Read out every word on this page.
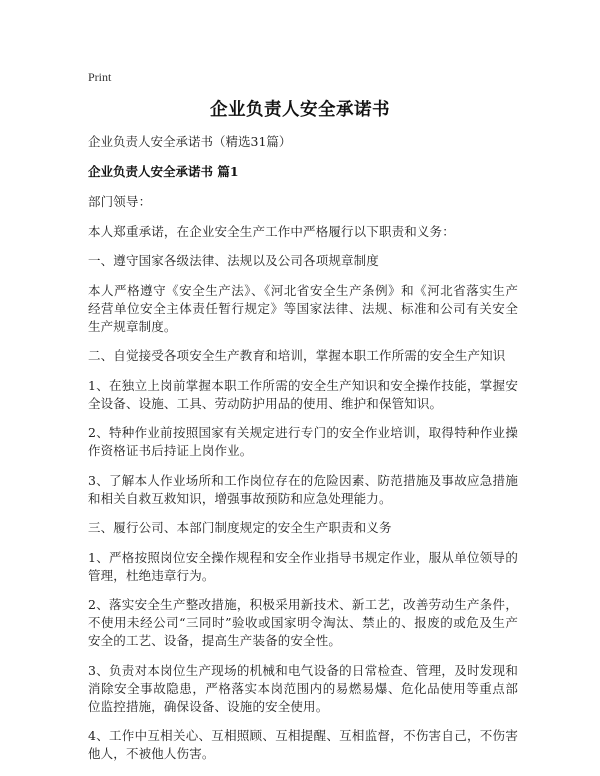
Print
企业负责人安全承诺书

企业负责人安全承诺书（精选31篇）

企业负责人安全承诺书 篇1

部门领导：

本人郑重承诺，在企业安全生产工作中严格履行以下职责和义务：

一、遵守国家各级法律、法规以及公司各项规章制度

本人严格遵守《安全生产法》、《河北省安全生产条例》和《河北省落实生产经营单位安全主体责任暂行规定》等国家法律、法规、标准和公司有关安全生产规章制度。

二、自觉接受各项安全生产教育和培训，掌握本职工作所需的安全生产知识

1、在独立上岗前掌握本职工作所需的安全生产知识和安全操作技能，掌握安全设备、设施、工具、劳动防护用品的使用、维护和保管知识。

2、特种作业前按照国家有关规定进行专门的安全作业培训，取得特种作业操作资格证书后持证上岗作业。

3、了解本人作业场所和工作岗位存在的危险因素、防范措施及事故应急措施和相关自救互救知识，增强事故预防和应急处理能力。

三、履行公司、本部门制度规定的安全生产职责和义务

1、严格按照岗位安全操作规程和安全作业指导书规定作业，服从单位领导的管理，杜绝违章行为。

2、落实安全生产整改措施，积极采用新技术、新工艺，改善劳动生产条件，不使用未经公司“三同时”验收或国家明令淘汰、禁止的、报废的或危及生产安全的工艺、设备，提高生产装备的安全性。

3、负责对本岗位生产现场的机械和电气设备的日常检查、管理，及时发现和消除安全事故隐患，严格落实本岗范围内的易燃易爆、危化品使用等重点部位监控措施，确保设备、设施的安全使用。

4、工作中互相关心、互相照顾、互相提醒、互相监督，不伤害自己，不伤害他人，不被他人伤害。
